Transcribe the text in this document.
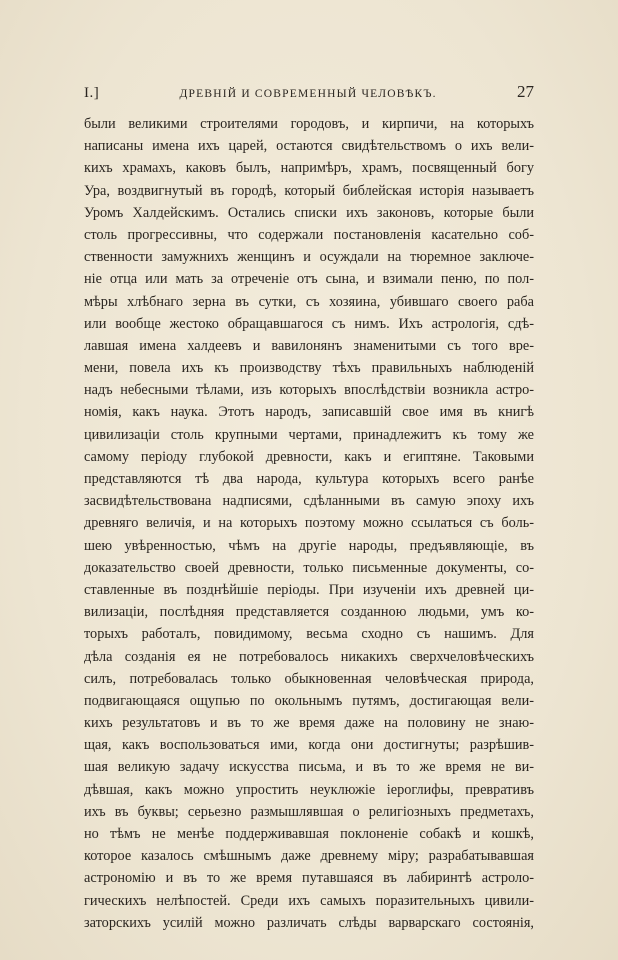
I.]	ДРЕВНІЙ И СОВРЕМЕННЫЙ ЧЕЛОВѢКЪ.	27
были великими строителями городовъ, и кирпичи, на которыхъ
написаны имена ихъ царей, остаются свидѣтельствомъ о ихъ вели-
кихъ храмахъ, каковъ былъ, напримѣръ, храмъ, посвященный богу
Ура, воздвигнутый въ городѣ, который библейская исторія называетъ
Уромъ Халдейскимъ. Остались списки ихъ законовъ, которые были
столь прогрессивны, что содержали постановленія касательно соб-
ственности замужнихъ женщинъ и осуждали на тюремное заключе-
ніе отца или мать за отреченіе отъ сына, и взимали пеню, по пол-
мѣры хлѣбнаго зерна въ сутки, съ хозяина, убившаго своего раба
или вообще жестоко обращавшагося съ нимъ. Ихъ астрологія, сдѣ-
лавшая имена халдеевъ и вавилонянъ знаменитыми съ того вре-
мени, повела ихъ къ производству тѣхъ правильныхъ наблюденій
надъ небесными тѣлами, изъ которыхъ впослѣдствіи возникла астро-
номія, какъ наука. Этотъ народъ, записавшій свое имя въ книгѣ
цивилизаціи столь крупными чертами, принадлежитъ къ тому же
самому періоду глубокой древности, какъ и египтяне. Таковыми
представляются тѣ два народа, культура которыхъ всего ранѣе
засвидѣтельствована надписями, сдѣланными въ самую эпоху ихъ
древняго величія, и на которыхъ поэтому можно ссылаться съ боль-
шею увѣренностью, чѣмъ на другіе народы, предъявляющіе, въ
доказательство своей древности, только письменные документы, со-
ставленные въ позднѣйшіе періоды. При изученіи ихъ древней ци-
вилизаціи, послѣдняя представляется созданною людьми, умъ ко-
торыхъ работалъ, повидимому, весьма сходно съ нашимъ. Для
дѣла созданія ея не потребовалось никакихъ сверхчеловѣческихъ
силъ, потребовалась только обыкновенная человѣческая природа,
подвигающаяся ощупью по окольнымъ путямъ, достигающая вели-
кихъ результатовъ и въ то же время даже на половину не знаю-
щая, какъ воспользоваться ими, когда они достигнуты; разрѣшив-
шая великую задачу искусства письма, и въ то же время не ви-
дѣвшая, какъ можно упростить неуклюжіе іероглифы, превративъ
ихъ въ буквы; серьезно размышлявшая о религіозныхъ предметахъ,
но тѣмъ не менѣе поддерживавшая поклоненіе собакѣ и кошкѣ,
которое казалось смѣшнымъ даже древнему міру; разрабатывавшая
астрономію и въ то же время путавшаяся въ лабиринтѣ астроло-
гическихъ нелѣпостей. Среди ихъ самыхъ поразительныхъ цивили-
заторскихъ усилій можно различать слѣды варварскаго состоянія,
